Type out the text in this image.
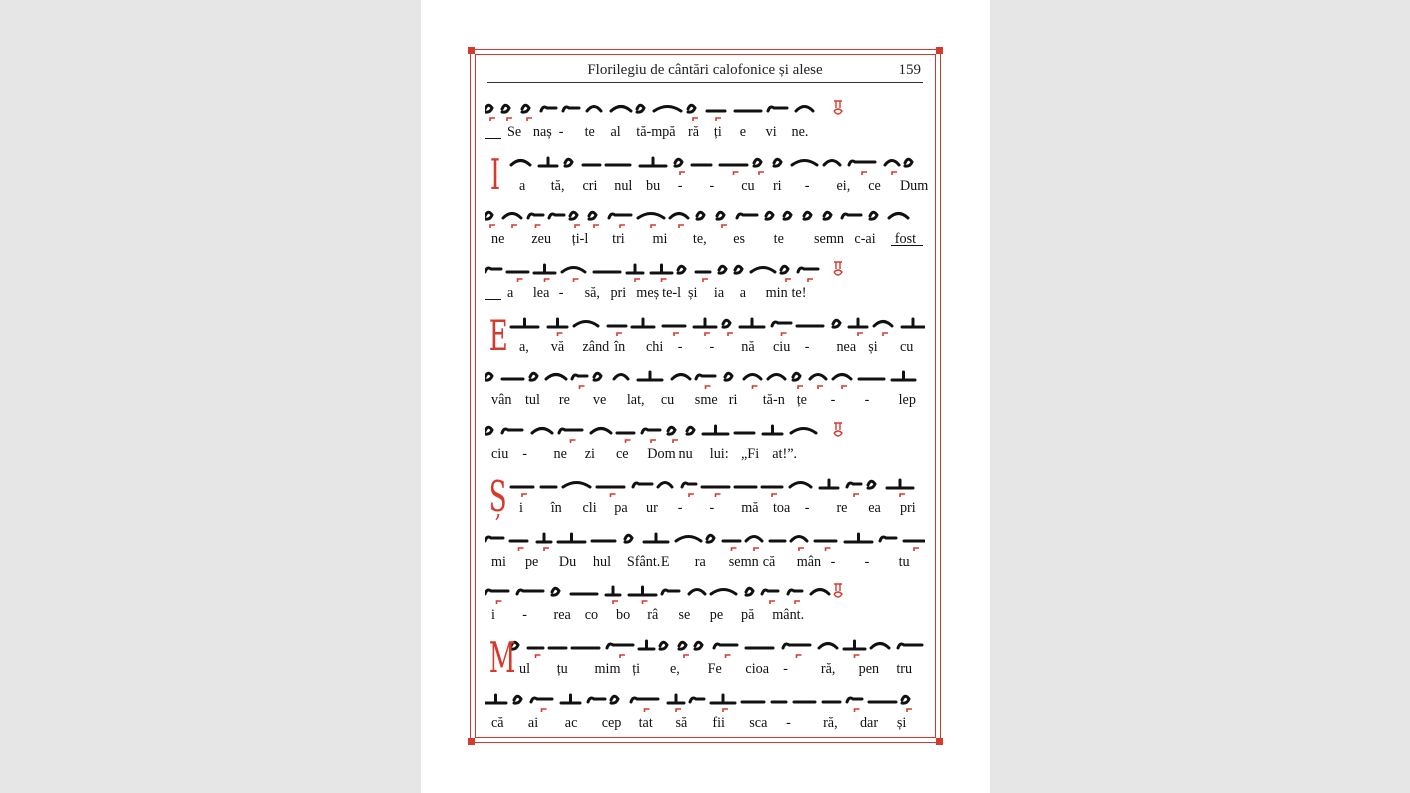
Florilegiu de cântări calofonice și alese	159
Se naș - te al tă-m pă ră ți e vi ne.
I a tă, cri nul bu - - cu ri - ei, ce Dum
ne zeu ți-l tri mi te, es te semn c-ai fost
a lea - să, pri meș te-l și ia a min te!
E a, vă zând în chi - - nă ciu - nea și cu
vân tul re ve lat, cu sme ri tă-n țe - - lep
ciu - ne zi ce Dom nu lui: „Fi at!”.
Ș i în cli pa ur - - mă toa - re ea pri
mi pe Du hul Sfânt. E ra semn că mân - - tu
i - rea co bo râ se pe pă mânt.
M ul țu mim ți e, Fe cioa - ră, pen tru
că ai ac cep tat să fii sca - ră, dar și
